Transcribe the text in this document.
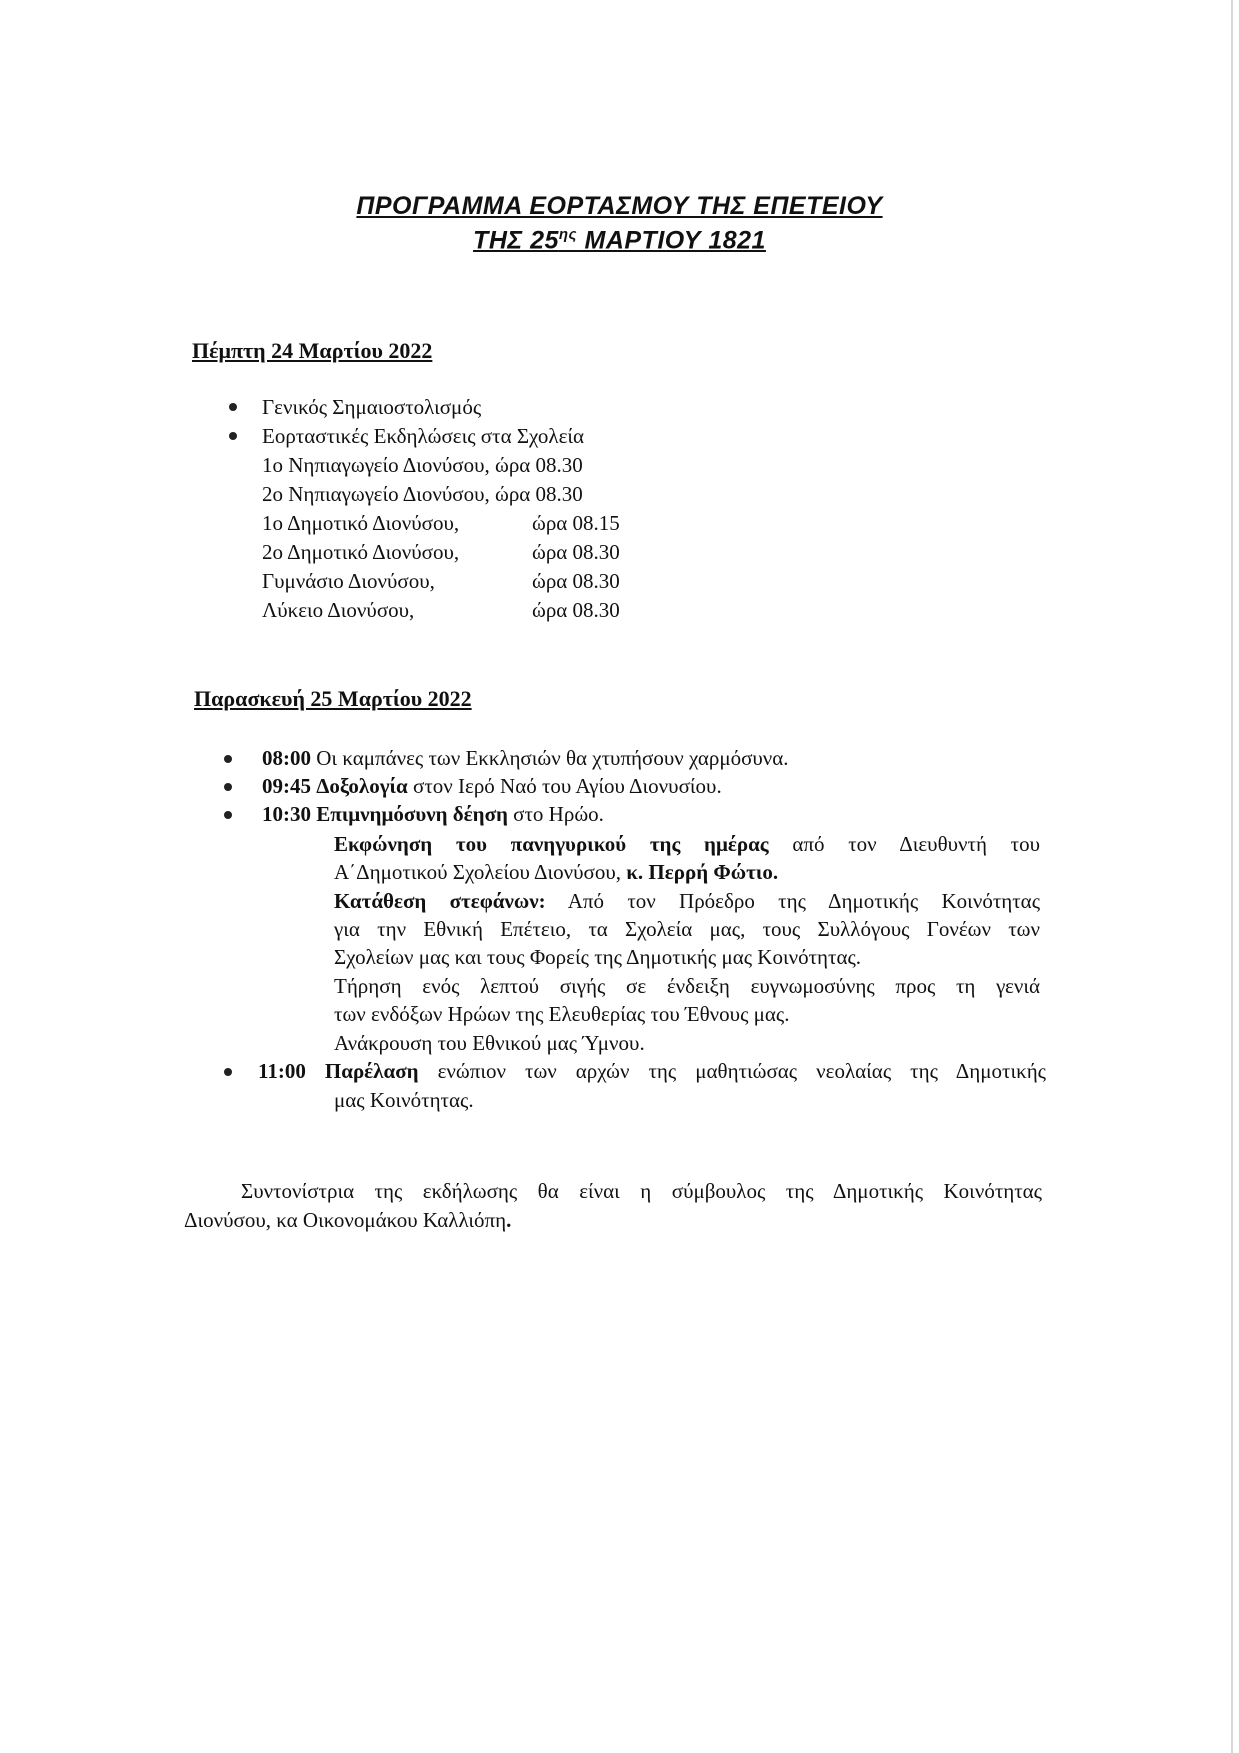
ΠΡΟΓΡΑΜΜΑ ΕΟΡΤΑΣΜΟΥ ΤΗΣ ΕΠΕΤΕΙΟΥ
ΤΗΣ $25^{\eta\varsigma}$ ΜΑΡΤΙΟΥ 1821
Πέμπτη 24 Μαρτίου 2022
Γενικός Σημαιοστολισμός
Εορταστικές Εκδηλώσεις στα Σχολεία
1ο Νηπιαγωγείο Διονύσου, ώρα 08.30
2ο Νηπιαγωγείο Διονύσου, ώρα 08.30
1ο Δημοτικό Διονύσου,	ώρα 08.15
2ο Δημοτικό Διονύσου,	ώρα 08.30
Γυμνάσιο Διονύσου,	ώρα 08.30
Λύκειο Διονύσου,	ώρα 08.30
Παρασκευή 25 Μαρτίου 2022
08:00 Οι καμπάνες των Εκκλησιών θα χτυπήσουν χαρμόσυνα.
09:45 Δοξολογία στον Ιερό Ναό του Αγίου Διονυσίου.
10:30 Επιμνημόσυνη δέηση στο Ηρώο.
Εκφώνηση του πανηγυρικού της ημέρας από τον Διευθυντή του
Α΄Δημοτικού Σχολείου Διονύσου, κ. Περρή Φώτιο.
Κατάθεση στεφάνων: Από τον Πρόεδρο της Δημοτικής Κοινότητας
για την Εθνική Επέτειο, τα Σχολεία μας, τους Συλλόγους Γονέων των
Σχολείων μας και τους Φορείς της Δημοτικής μας Κοινότητας.
Τήρηση ενός λεπτού σιγής σε ένδειξη ευγνωμοσύνης προς τη γενιά
των ενδόξων Ηρώων της Ελευθερίας του Έθνους μας.
Ανάκρουση του Εθνικού μας Ύμνου.
11:00 Παρέλαση ενώπιον των αρχών της μαθητιώσας νεολαίας της Δημοτικής
μας Κοινότητας.
Συντονίστρια της εκδήλωσης θα είναι η σύμβουλος της Δημοτικής Κοινότητας
Διονύσου, κα Οικονομάκου Καλλιόπη.
